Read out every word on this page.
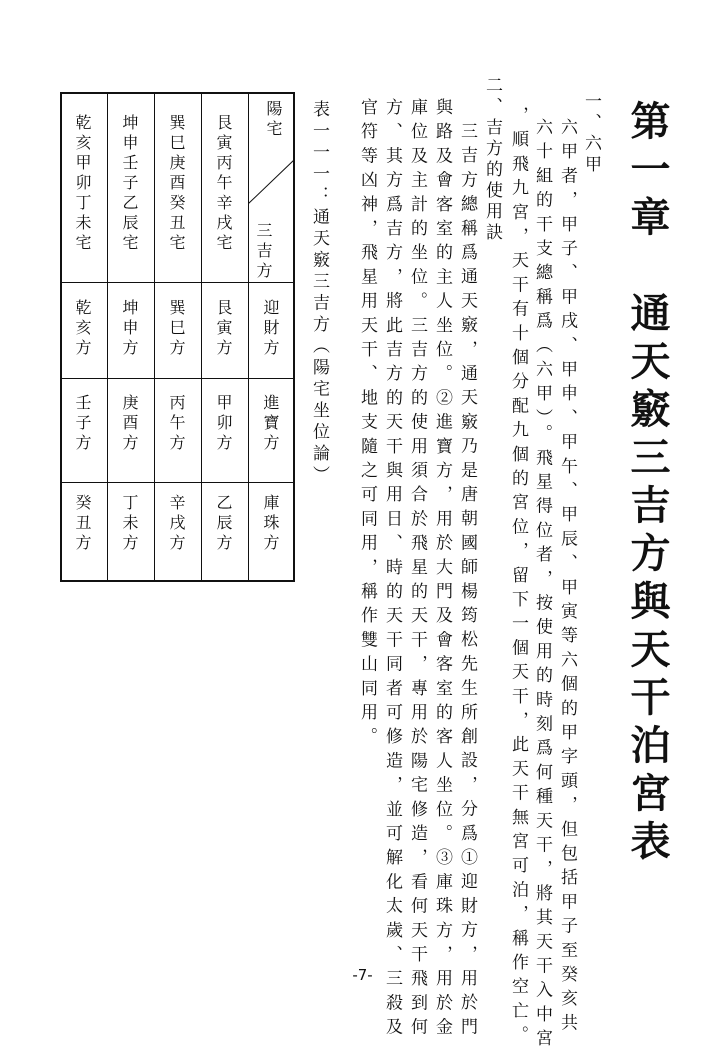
第一章　通天竅三吉方與天干泊宮表
一、六甲
六甲者，甲子、甲戌、甲申、甲午、甲辰、甲寅等六個的甲字頭，但包括甲子至癸亥共
六十組的干支總稱爲（六甲）。飛星得位者，按使用的時刻爲何種天干，將其天干入中宮
，順飛九宮，天干有十個分配九個的宮位，留下一個天干，此天干無宮可泊，稱作空亡。
二、吉方的使用訣
三吉方總稱爲通天竅，通天竅乃是唐朝國師楊筠松先生所創設，分爲①迎財方，用於門
與路及會客室的主人坐位。②進寶方，用於大門及會客室的客人坐位。③庫珠方，用於金
庫位及主計的坐位。三吉方的使用須合於飛星的天干，專用於陽宅修造，看何天干飛到何
方、其方爲吉方，將此吉方的天干與用日、時的天干同者可修造，並可解化太歲、三殺及
官符等凶神，飛星用天干、地支隨之可同用，稱作雙山同用。
表一一一：通天竅三吉方（陽宅坐位論）
陽宅
三吉方
迎財方
進寶方
庫珠方
艮寅丙午辛戌宅
艮寅方
甲卯方
乙辰方
巽巳庚酉癸丑宅
巽巳方
丙午方
辛戌方
坤申壬子乙辰宅
坤申方
庚酉方
丁未方
乾亥甲卯丁未宅
乾亥方
壬子方
癸丑方
-7-
